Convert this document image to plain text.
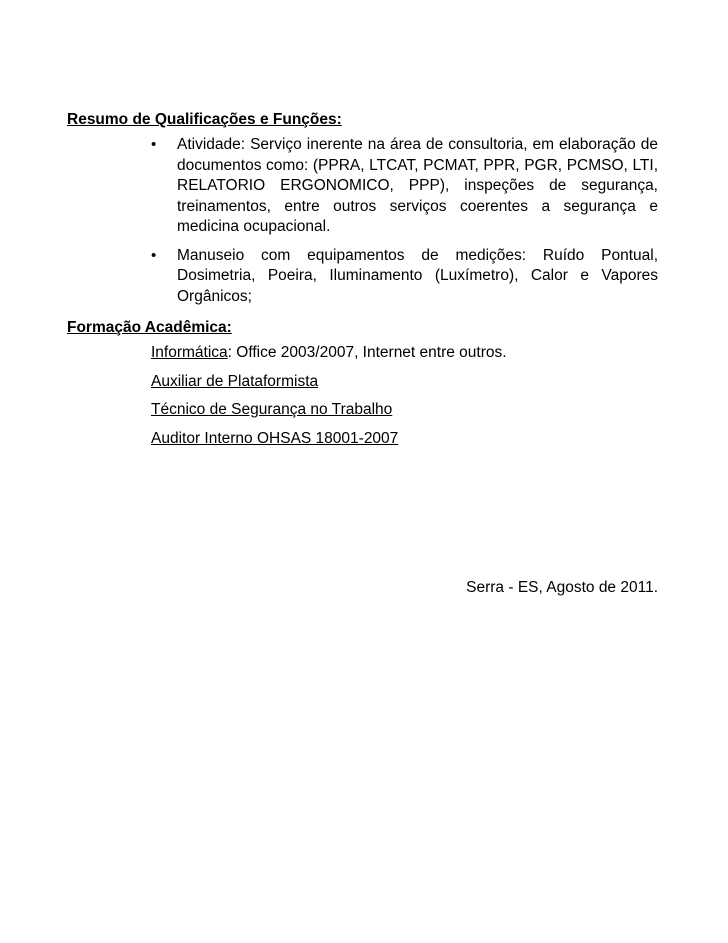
Resumo de Qualificações e Funções:
• Atividade: Serviço inerente na área de consultoria, em elaboração de documentos como: (PPRA, LTCAT, PCMAT, PPR, PGR, PCMSO, LTI, RELATORIO ERGONOMICO, PPP), inspeções de segurança, treinamentos, entre outros serviços coerentes a segurança e medicina ocupacional.
• Manuseio com equipamentos de medições: Ruído Pontual, Dosimetria, Poeira, Iluminamento (Luxímetro), Calor e Vapores Orgânicos;
Formação Acadêmica:
Informática: Office 2003/2007, Internet entre outros.
Auxiliar de Plataformista
Técnico de Segurança no Trabalho
Auditor Interno OHSAS 18001-2007
Serra - ES, Agosto de 2011.
